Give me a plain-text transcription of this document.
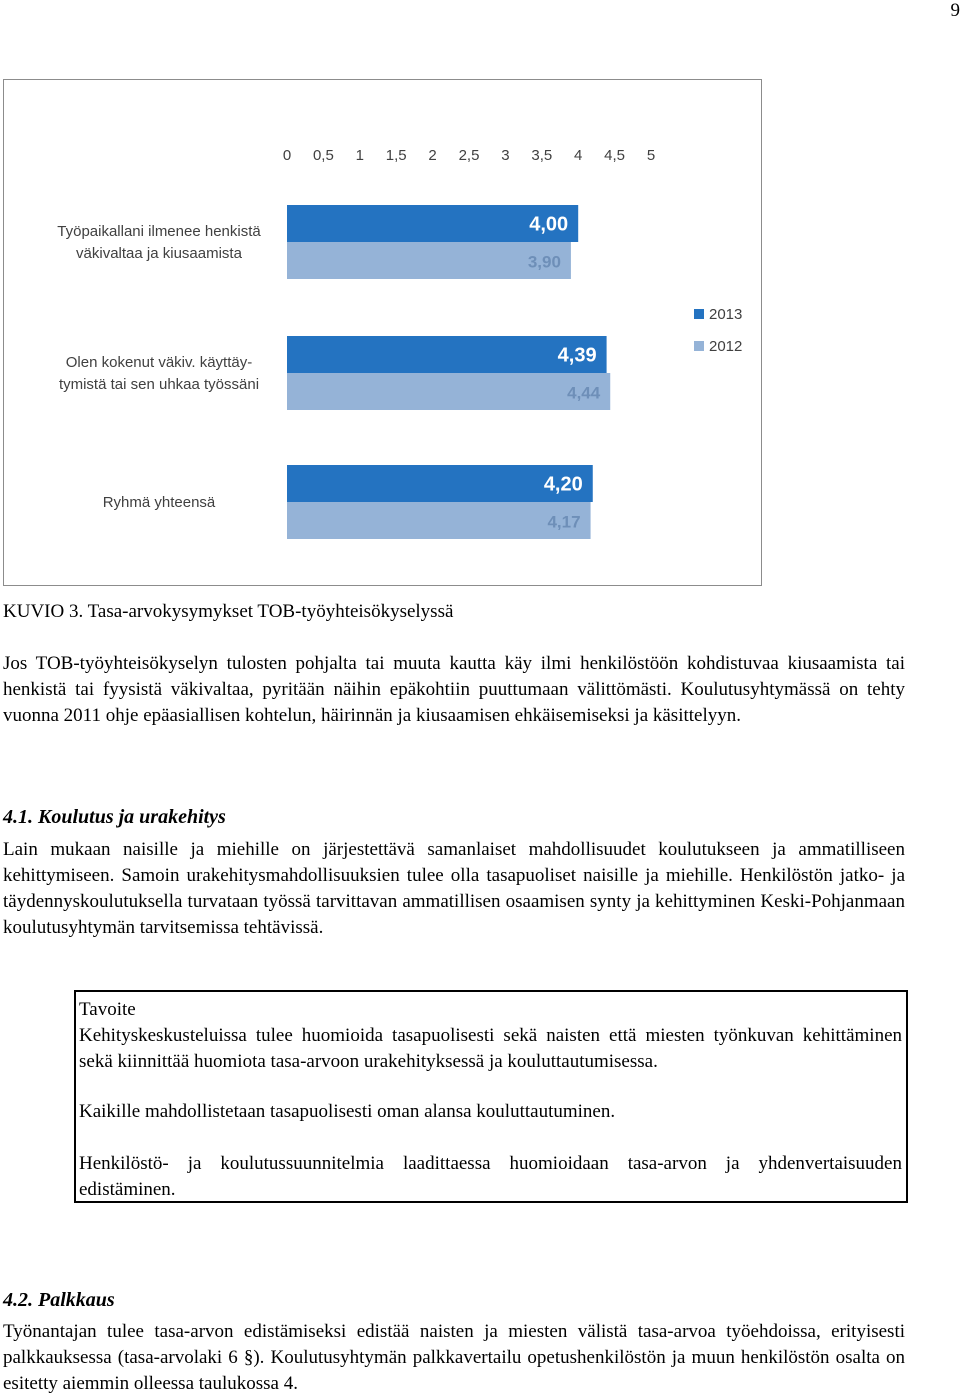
9
0 0,5 1 1,5 2 2,5 3 3,5 4 4,5 5
4,00
3,90
Työpaikallani ilmenee henkistä
väkivaltaa ja kiusaamista
4,39
4,44
Olen kokenut väkiv. käyttäy-
tymistä tai sen uhkaa työssäni
4,20
4,17
Ryhmä yhteensä
2013
2012
KUVIO 3. Tasa-arvokysymykset TOB-työyhteisökyselyssä

Jos TOB-työyhteisökyselyn tulosten pohjalta tai muuta kautta käy ilmi henkilöstöön kohdistuvaa kiusaamista tai henkistä tai fyysistä väkivaltaa, pyritään näihin epäkohtiin puuttumaan välittömästi. Koulutusyhtymässä on tehty vuonna 2011 ohje epäasiallisen kohtelun, häirinnän ja kiusaamisen ehkäisemiseksi ja käsittelyyn.

4.1. Koulutus ja urakehitys

Lain mukaan naisille ja miehille on järjestettävä samanlaiset mahdollisuudet koulutukseen ja ammatilliseen kehittymiseen. Samoin urakehitysmahdollisuuksien tulee olla tasapuoliset naisille ja miehille. Henkilöstön jatko- ja täydennyskoulutuksella turvataan työssä tarvittavan ammatillisen osaamisen synty ja kehittyminen Keski-Pohjanmaan koulutusyhtymän tarvitsemissa tehtävissä.

Tavoite

Kehityskeskusteluissa tulee huomioida tasapuolisesti sekä naisten että miesten työnkuvan kehittäminen sekä kiinnittää huomiota tasa-arvoon urakehityksessä ja kouluttautumisessa.

Kaikille mahdollistetaan tasapuolisesti oman alansa kouluttautuminen.

Henkilöstö- ja koulutussuunnitelmia laadittaessa huomioidaan tasa-arvon ja yhdenvertaisuuden edistäminen.

4.2. Palkkaus

Työnantajan tulee tasa-arvon edistämiseksi edistää naisten ja miesten välistä tasa-arvoa työehdoissa, erityisesti palkkauksessa (tasa-arvolaki 6 §). Koulutusyhtymän palkkavertailu opetushenkilöstön ja muun henkilöstön osalta on esitetty aiemmin olleessa taulukossa 4.
